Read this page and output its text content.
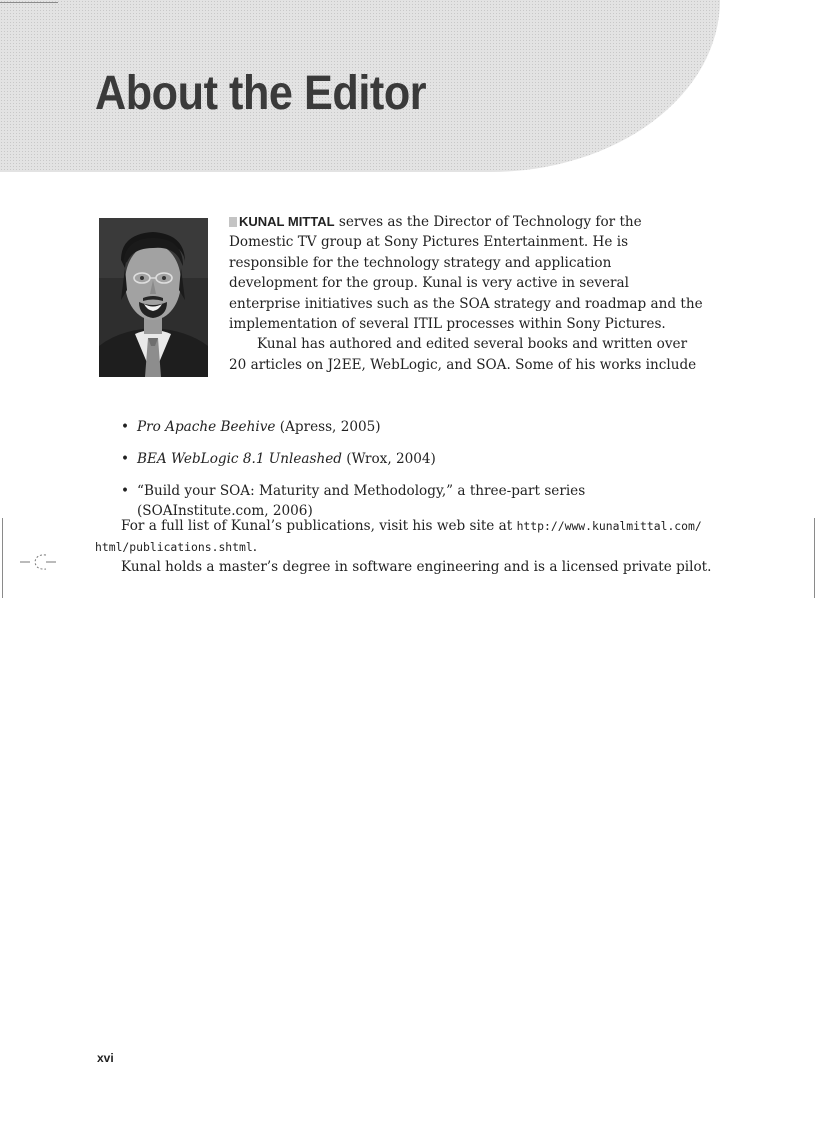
About the Editor

KUNAL MITTAL serves as the Director of Technology for the Domestic TV group at Sony Pictures Entertainment. He is responsible for the technology strategy and application development for the group. Kunal is very active in several enterprise initiatives such as the SOA strategy and roadmap and the implementation of several ITIL processes within Sony Pictures.

Kunal has authored and edited several books and written over 20 articles on J2EE, WebLogic, and SOA. Some of his works include

• Pro Apache Beehive (Apress, 2005)
• BEA WebLogic 8.1 Unleashed (Wrox, 2004)
• “Build your SOA: Maturity and Methodology,” a three-part series (SOAInstitute.com, 2006)

For a full list of Kunal’s publications, visit his web site at http://www.kunalmittal.com/ html/publications.shtml.

Kunal holds a master’s degree in software engineering and is a licensed private pilot.

xvi
